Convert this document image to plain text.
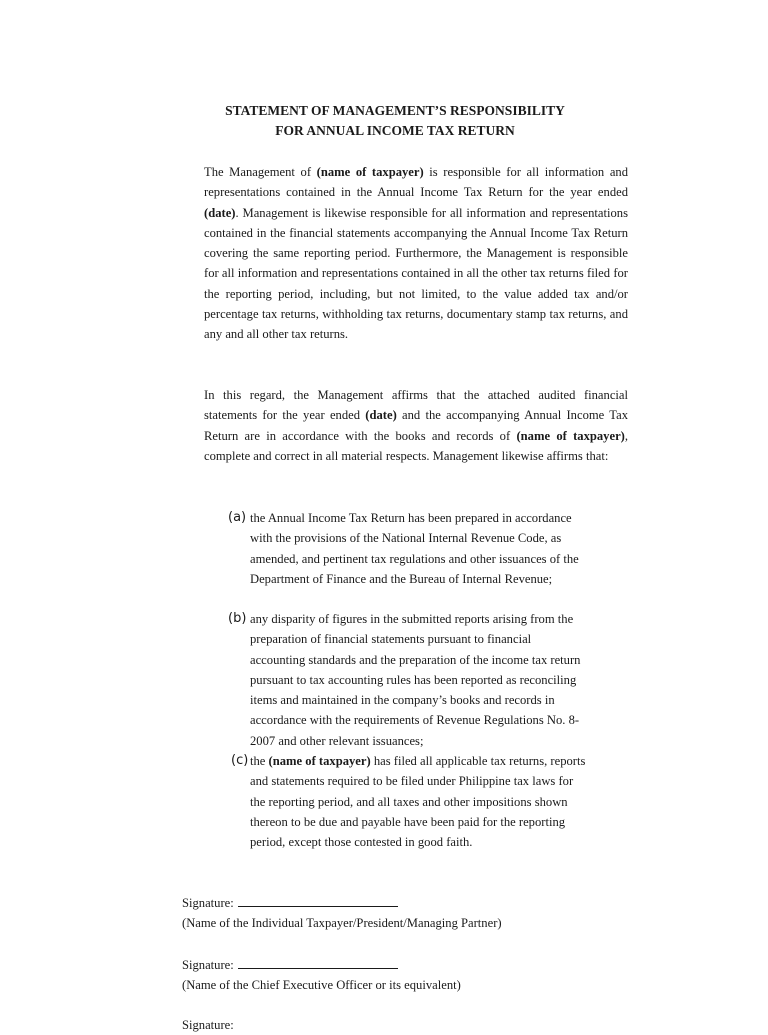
STATEMENT OF MANAGEMENT’S RESPONSIBILITY
FOR ANNUAL INCOME TAX RETURN

The Management of (name of taxpayer) is responsible for all information and representations contained in the Annual Income Tax Return for the year ended (date). Management is likewise responsible for all information and representations contained in the financial statements accompanying the Annual Income Tax Return covering the same reporting period. Furthermore, the Management is responsible for all information and representations contained in all the other tax returns filed for the reporting period, including, but not limited, to the value added tax and/or percentage tax returns, withholding tax returns, documentary stamp tax returns, and any and all other tax returns.

In this regard, the Management affirms that the attached audited financial statements for the year ended (date) and the accompanying Annual Income Tax Return are in accordance with the books and records of (name of taxpayer), complete and correct in all material respects. Management likewise affirms that:

(a) the Annual Income Tax Return has been prepared in accordance with the provisions of the National Internal Revenue Code, as amended, and pertinent tax regulations and other issuances of the Department of Finance and the Bureau of Internal Revenue;

(b) any disparity of figures in the submitted reports arising from the preparation of financial statements pursuant to financial accounting standards and the preparation of the income tax return pursuant to tax accounting rules has been reported as reconciling items and maintained in the company’s books and records in accordance with the requirements of Revenue Regulations No. 8-2007 and other relevant issuances;

(c) the (name of taxpayer) has filed all applicable tax returns, reports and statements required to be filed under Philippine tax laws for the reporting period, and all taxes and other impositions shown thereon to be due and payable have been paid for the reporting period, except those contested in good faith.

Signature:
(Name of the Individual Taxpayer/President/Managing Partner)
Signature:
(Name of the Chief Executive Officer or its equivalent)
Signature:
